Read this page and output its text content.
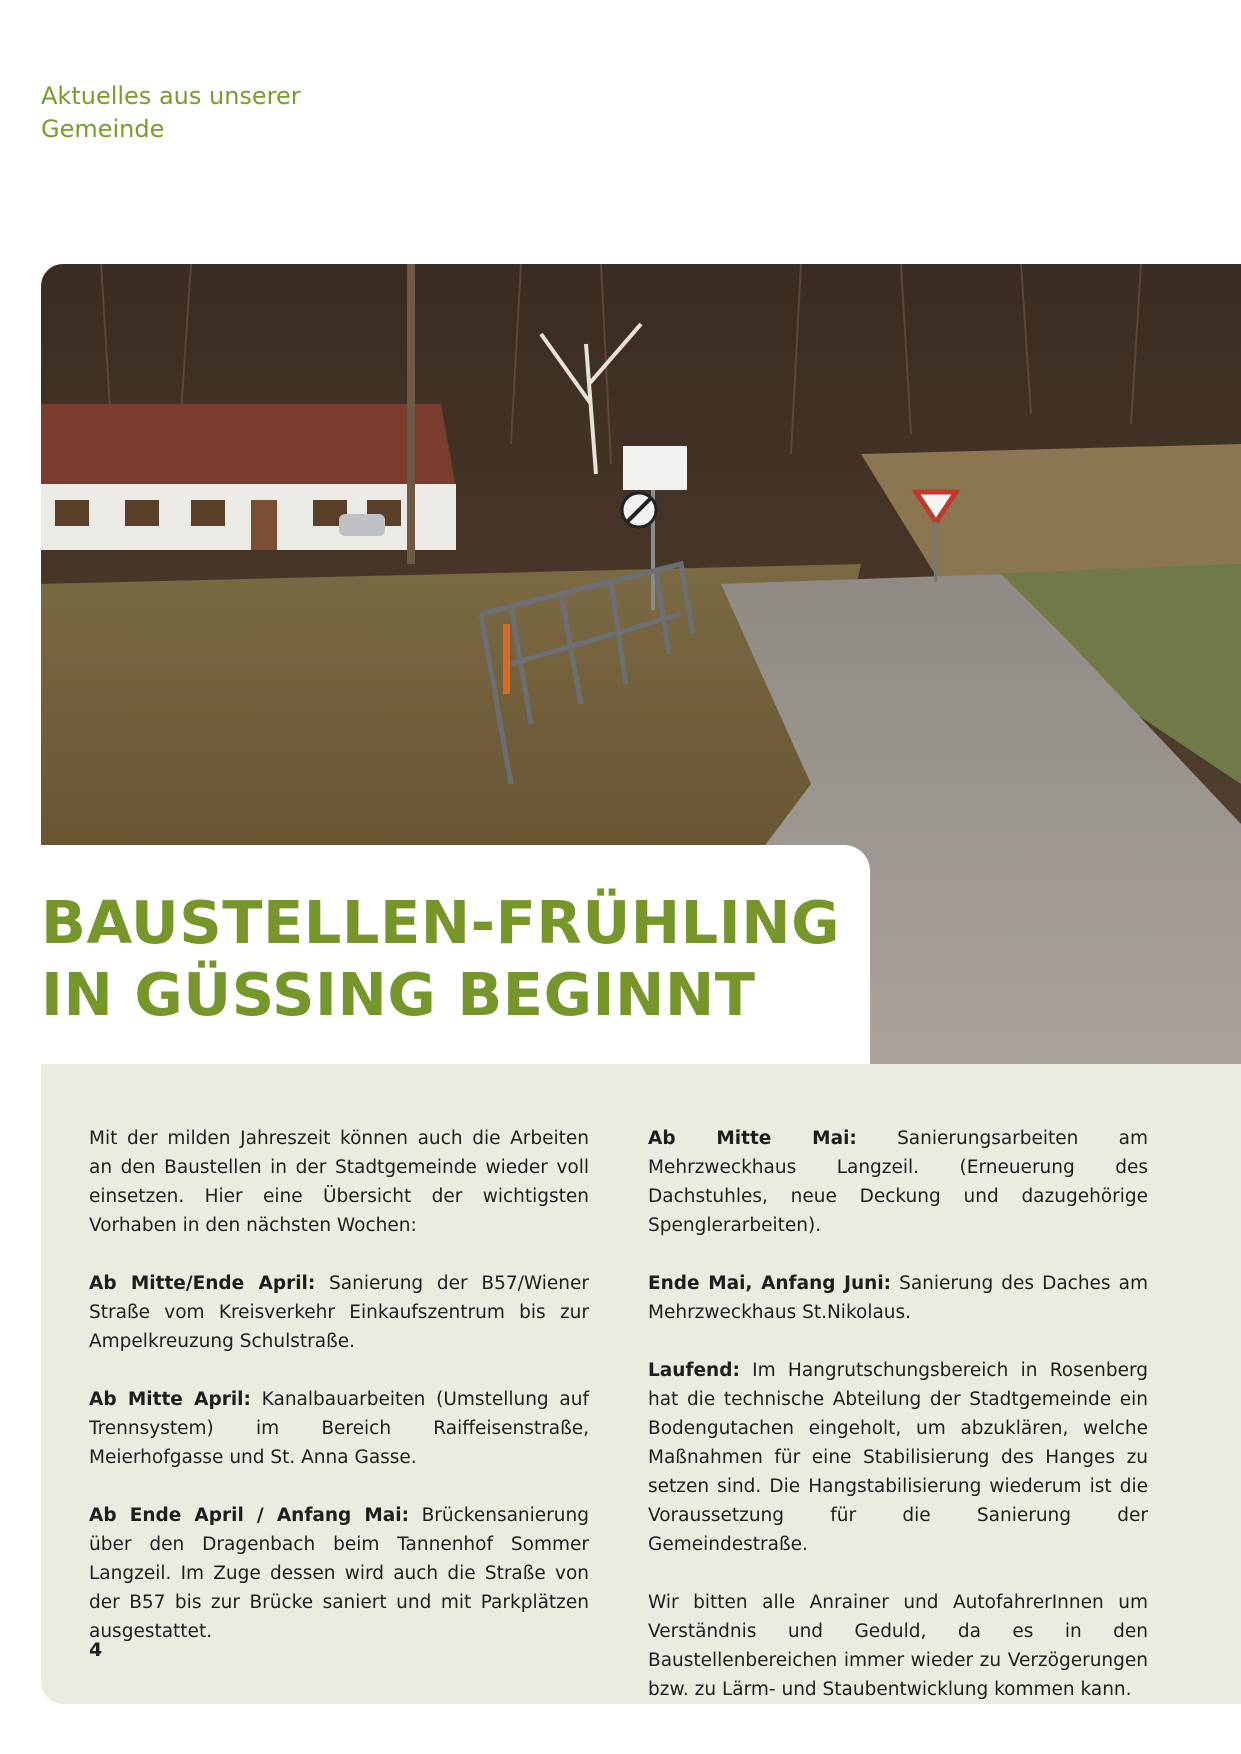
Aktuelles aus unserer
Gemeinde
BAUSTELLEN-FRÜHLING
IN GÜSSING BEGINNT

Mit der milden Jahreszeit können auch die Arbeiten an den Baustellen in der Stadtgemeinde wieder voll einsetzen. Hier eine Übersicht der wichtigsten Vorhaben in den nächsten Wochen:

Ab Mitte/Ende April: Sanierung der B57/Wiener Straße vom Kreisverkehr Einkaufszentrum bis zur Ampelkreuzung Schulstraße.

Ab Mitte April: Kanalbauarbeiten (Umstellung auf Trennsystem) im Bereich Raiffeisenstraße, Meierhofgasse und St. Anna Gasse.

Ab Ende April / Anfang Mai: Brückensanierung über den Dragenbach beim Tannenhof Sommer Langzeil. Im Zuge dessen wird auch die Straße von der B57 bis zur Brücke saniert und mit Parkplätzen ausgestattet.

Ab Mitte Mai: Sanierungsarbeiten am Mehrzweckhaus Langzeil. (Erneuerung des Dachstuhles, neue Deckung und dazugehörige Spenglerarbeiten).

Ende Mai, Anfang Juni: Sanierung des Daches am Mehrzweckhaus St.Nikolaus.

Laufend: Im Hangrutschungsbereich in Rosenberg hat die technische Abteilung der Stadtgemeinde ein Bodengutachen eingeholt, um abzuklären, welche Maßnahmen für eine Stabilisierung des Hanges zu setzen sind. Die Hangstabilisierung wiederum ist die Voraussetzung für die Sanierung der Gemeindestraße.

Wir bitten alle Anrainer und AutofahrerInnen um Verständnis und Geduld, da es in den Baustellenbereichen immer wieder zu Verzögerungen bzw. zu Lärm- und Staubentwicklung kommen kann.

4
